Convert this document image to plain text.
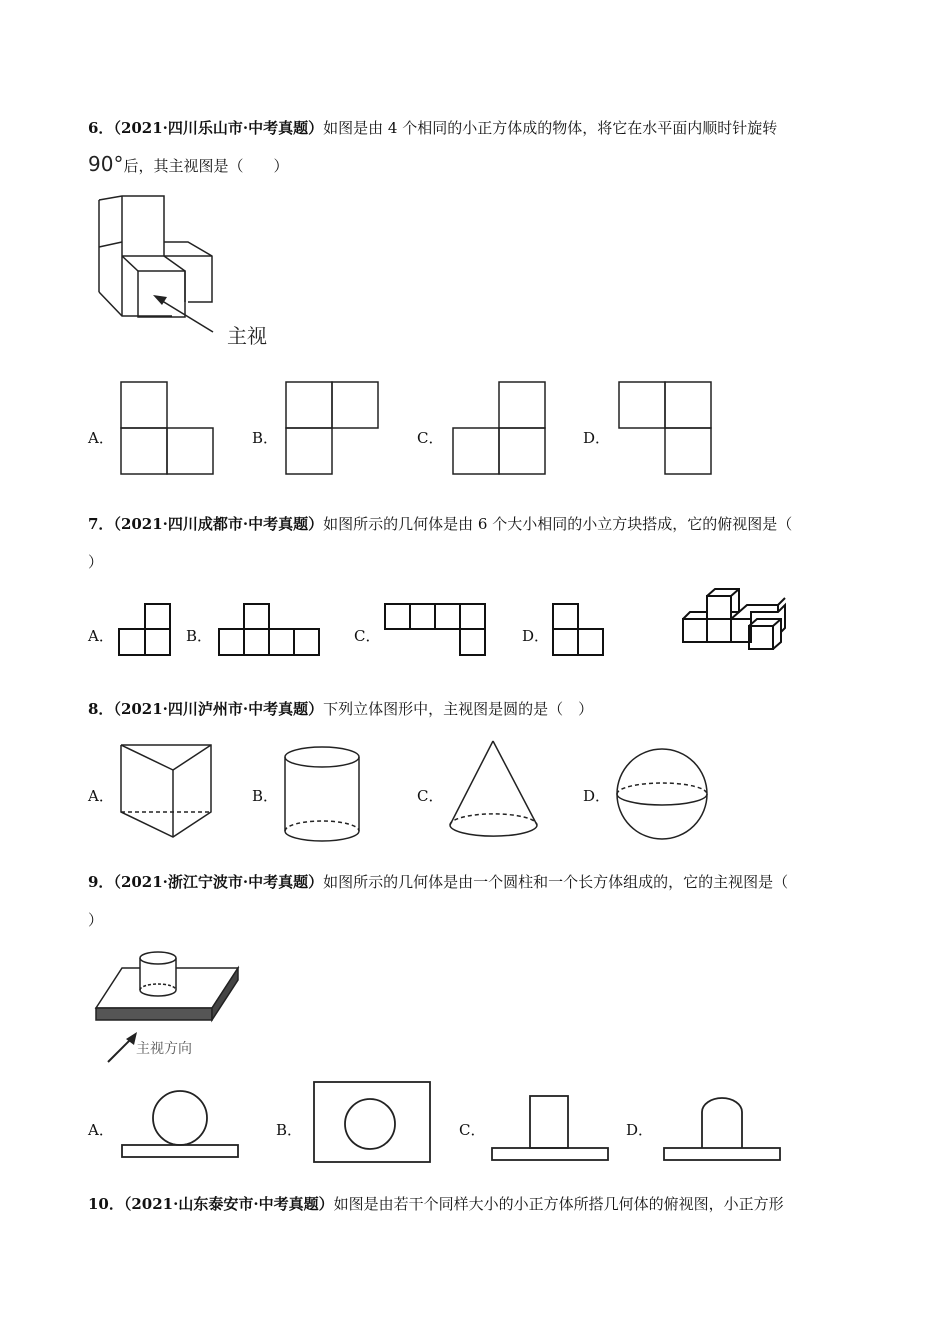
6．（2021·四川乐山市·中考真题）如图是由 4 个相同的小正方体成的物体，将它在水平面内顺时针旋转
90°后，其主视图是（　　）
主视
A．	B．	C．	D．
7．（2021·四川成都市·中考真题）如图所示的几何体是由 6 个大小相同的小立方块搭成，它的俯视图是（
）
A．	B．	C．	D．
8．（2021·四川泸州市·中考真题）下列立体图形中，主视图是圆的是（　）
A．	B．	C．	D．
9．（2021·浙江宁波市·中考真题）如图所示的几何体是由一个圆柱和一个长方体组成的，它的主视图是（
）
主视方向
A．	B．	C．	D．
10．（2021·山东泰安市·中考真题）如图是由若干个同样大小的小正方体所搭几何体的俯视图，小正方形
